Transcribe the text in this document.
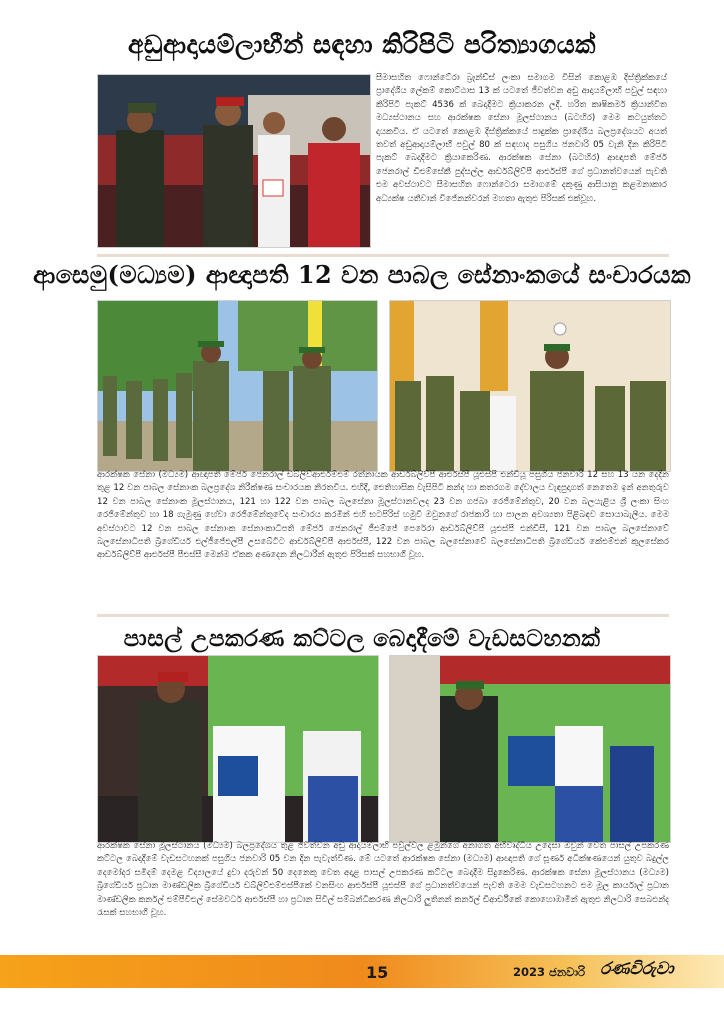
අඩුආදායම්ලාභීන් සඳහා කිරිපිටි පරිත්‍යාගයක්

සීමාසහිත ෆොන්ටේරා බ්‍රෑන්ඩ්ස් ලංකා සමාගම විසින් කොළඹ දිස්ත්‍රික්කයේ ප්‍රාදේශීය ලේකම් කොට්ඨාස 13 ක් යටතේ ජීවත්වන අඩු ආදායම්ලාභී පවුල් සඳහා කිරිපිටි පැකට් 4536 ක් බෙදාදීමට ක්‍රියාකරන ලදී. හරිත කෘෂිකර්ම ක්‍රියාන්විත මධ්‍යස්ථානය සහ ආරක්ෂක සේනා මූලස්ථානය (බටහිර) මෙම කටයුත්තට දායකවිය. ඒ යටතේ කොළඹ දිස්ත්‍රික්කයේ පාදුක්ක ප්‍රාදේශීය බලප්‍රදේශයට අයත් තවත් අඩුආදායම්ලාභී පවුල් 80 ක් සඳහාද පසුගිය ජනවාරි 05 වැනි දින කිරිපිටි පැකට් බෙදාදීමට ක්‍රියාකෙරිණ. ආරක්ෂක සේනා (බටහිර) ආඥාපති මේජර් ජෙනරාල් ඩීඑම්සේකී පුද්සල්ල ආර්ඩබ්ලිව්පී ආර්එස්පී ගේ ප්‍රධානත්වයෙන් පැවති එම අවස්ථාවට සීමාසහිත ෆොන්ටෙරා සමාගමේ දකුණු ආසියානු කළමනාකාර අධ්‍යක්ෂ යතීවාන් විජේනන්වරන් මහතා ඇතුළු පිරිසක් එක්වූහ.

ආසෙමු(මධ්‍යම) ආඥාපති 12 වන පාබල සේනාංකයේ සංචාරයක

ආරක්ෂක සේනා (මධ්‍යම) ආඥාපති මේජර් ජෙනරාල් ඩබ්ලිව්ආර්එම්එම් රත්නායක ආර්ඩබ්ලිව්පී ආර්එස්පී යූඑස්පී එන්ඩියූ පසුගිය ජනවාරි 12 සහ 13 යන දෙදින තුළ 12 වන පාබල සේනාංක බලප්‍රදේශ නිරීක්ෂණ සංචාරයක නිරතවිය. එහිදී, ඓතිහාසික වැසිපිටි කන්ද හා කතරගම දේවාලය වැඳපුදාගත් නෙතෙම ඉන් අනතුරුව 12 වන පාබල සේනාංක මූලස්ථානය, 121 හා 122 වන පාබල බලසේනා මූලස්ථානවලද 23 වන ගජබා රෙජිමේන්තුව, 20 වන බලයැළිය ශ්‍රී ලංකා සිංහ රෙජිමේන්තුව හා 18 ගැමුණු හේවා රෙජිමේන්තුවේද සංචාරය කරමින් එහි භටපිරිස් හමුවී ඔවුනගේ රාජකාරි හා පාලන අවශ්‍යතා පිළිබඳව සොයාබැලීය. මෙම අවස්ථාවට 12 වන පාබල සේනාංක සේනාංකාධිපති මේජර් ජෙනරාල් ජීඑම්ජේ පෙරේරා ආර්ඩබ්ලිව්පී යූඑස්පී එන්ඩීසී, 121 වන පාබල බලසේනාවේ බලසේනාධිපති බ්‍රිගේඩියර් එල්ජීජේඑල්පී උසබේටිට ආර්ඩබ්ලිව්පී ආර්එස්පී, 122 වන පාබල බලසේනාවේ බලසේනාධිපති බ්‍රිගේඩියර් කේඑම්එන් කුලසේකර ආර්ඩබ්ලිව්පී ආර්එස්පී පීඑස්සී මෙන්ම ඒකක අණදෙන නිලධාරීන් ඇතුළු පිරිසක් සහභාගී වූහ.

පාසල් උපකරණ කට්ටල බෙදාදීමේ වැඩසටහනක්

ආරක්ෂක සේනා මූලස්ථානය (මධ්‍යම) බලප්‍රදේශය තුළ ජීවත්වන අඩු ආදායම්ලාභී පවුල්වල ළමුන්ගේ අනාගත අභිවෘද්ධිය උදෙසා ඔවුන් වෙත පාසල් උපකරණ කට්ටල බෙදාදීමේ වැඩසටහනක් පසුගිය ජනවාරි 05 වන දින පැවැත්විණ. මේ යටතේ ආරක්ෂක සේනා (මධ්‍යම) ආඥාපති ගේ සූර්ණ අධීක්ෂණයෙන් යුතුව බදුල්ල දෙමෝදර සමිදම් දෙමළ විද්‍යාලයේ දුවා දරුවන් 50 දෙනෙකු වෙත අදාළ පාසල් උපකරණ කට්ටල බෙදාදීම සිදුකෙරිණ. ආරක්ෂක සේනා මූලස්ථානය (මධ්‍යම) බ්‍රිගේඩියර් ප්‍රධාන මාණ්ඩලික බ්‍රිගේඩියර් ඩබ්ලිව්එම්එස්පීකේ වනසිංහ ආර්එස්පී යූඑස්පී ගේ ප්‍රධානත්වයෙන් පැවති මෙම වැඩසටහනට එම මූල කාර්යාල් ප්‍රධාන මාණ්ඩලික කර්නල් එම්පීවීඑල් සේමවර්ධ ආර්එස්පී හා ප්‍රධාන සිවිල් සම්බන්ධීකරණ නිලධාරි ලුතිනන් කර්නල් ඩීආර්ඩීකේ කොහොඹාමින් ඇතුළු නිලධාරි සෙබළුන්ද රැසක් සහභාගී වූහ.

15	2023 ජනවාරි රණවිරුවා
